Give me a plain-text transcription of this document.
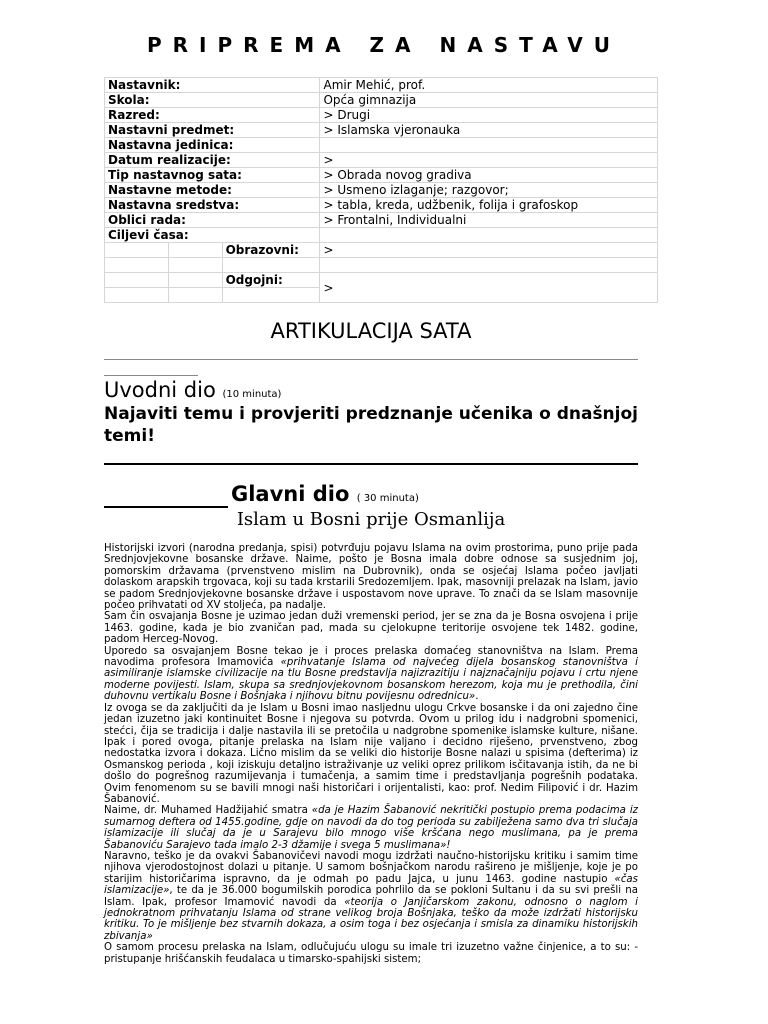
PRIPREMA ZA NASTAVU
Nastavnik:			Amir Mehić, prof.
Skola:			Opća gimnazija
Razred:			> Drugi
Nastavni predmet:			> Islamska vjeronauka
Nastavna jedinica:			
Datum realizacije:			>
Tip nastavnog sata:			> Obrada novog gradiva
Nastavne metode:			> Usmeno izlaganje; razgovor;
Nastavna sredstva:			> tabla, kreda, udžbenik, folija i grafoskop
Oblici rada:			> Frontalni, Individualni
Ciljevi časa:			
		Obrazovni:	>

		Odgojni:	>

ARTIKULACIJA SATA
Uvodni dio (10 minuta)
Najaviti temu i provjeriti predznanje učenika o dnašnjoj temi!
Glavni dio ( 30 minuta)
Islam u Bosni prije Osmanlija

Historijski izvori (narodna predanja, spisi) potvrđuju pojavu Islama na ovim prostorima, puno prije pada Srednjovjekovne bosanske države. Naime, pošto je Bosna imala dobre odnose sa susjednim joj, pomorskim državama (prvenstveno mislim na Dubrovnik), onda se osjećaj Islama počeo javljati dolaskom arapskih trgovaca, koji su tada krstarili Sredozemljem. Ipak, masovniji prelazak na Islam, javio se padom Srednjovjekovne bosanske države i uspostavom nove uprave. To znači da se Islam masovnije počeo prihvatati od XV stoljeća, pa nadalje.

Sam čin osvajanja Bosne je uzimao jedan duži vremenski period, jer se zna da je Bosna osvojena i prije 1463. godine, kada je bio zvaničan pad, mada su cjelokupne teritorije osvojene tek 1482. godine, padom Herceg-Novog.

Uporedo sa osvajanjem Bosne tekao je i proces prelaska domaćeg stanovništva na Islam. Prema navodima profesora Imamovića «prihvatanje Islama od najvećeg dijela bosanskog stanovništva i asimiliranje islamske civilizacije na tlu Bosne predstavlja najizrazitiju i najznačajniju pojavu i crtu njene moderne povijesti. Islam, skupa sa srednjovjekovnom bosanskom herezom, koja mu je prethodila, čini duhovnu vertikalu Bosne i Bošnjaka i njihovu bitnu povijesnu odrednicu».

Iz ovoga se da zaključiti da je Islam u Bosni imao nasljednu ulogu Crkve bosanske i da oni zajedno čine jedan izuzetno jaki kontinuitet Bosne i njegova su potvrda. Ovom u prilog idu i nadgrobni spomenici, stećci, čija se tradicija i dalje nastavila ili se pretočila u nadgrobne spomenike islamske kulture, nišane. Ipak i pored ovoga, pitanje prelaska na Islam nije valjano i decidno riješeno, prvenstveno, zbog nedostatka izvora i dokaza. Lično mislim da se veliki dio historije Bosne nalazi u spisima (defterima) iz Osmanskog perioda , koji iziskuju detaljno istraživanje uz veliki oprez prilikom isčitavanja istih, da ne bi došlo do pogrešnog razumijevanja i tumačenja, a samim time i predstavljanja pogrešnih podataka. Ovim fenomenom su se bavili mnogi naši historičari i orijentalisti, kao: prof. Nedim Filipović i dr. Hazim Šabanović.

Naime, dr. Muhamed Hadžijahić smatra «da je Hazim Šabanović nekritički postupio prema podacima iz sumarnog deftera od 1455.godine, gdje on navodi da do tog perioda su zabilježena samo dva tri slučaja islamizacije ili slučaj da je u Sarajevu bilo mnogo više kršćana nego muslimana, pa je prema Šabanoviću Sarajevo tada imalo 2-3 džamije i svega 5 muslimana»!

Naravno, teško je da ovakvi Šabanovičevi navodi mogu izdržati naučno-historijsku kritiku i samim time njihova vjerodostojnost dolazi u pitanje. U samom bošnjačkom narodu rašireno je mišljenje, koje je po starijim historičarima ispravno, da je odmah po padu Jajca, u junu 1463. godine nastupio «čas islamizacije», te da je 36.000 bogumilskih porodica pohrlilo da se pokloni Sultanu i da su svi prešli na Islam. Ipak, profesor Imamović navodi da «teorija o Janjičarskom zakonu, odnosno o naglom i jednokratnom prihvatanju Islama od strane velikog broja Bošnjaka, teško da može izdržati historijsku kritiku. To je mišljenje bez stvarnih dokaza, a osim toga i bez osjećanja i smisla za dinamiku historijskih zbivanja»

O samom procesu prelaska na Islam, odlučujuću ulogu su imale tri izuzetno važne činjenice, a to su: - pristupanje hrišćanskih feudalaca u timarsko-spahijski sistem;
